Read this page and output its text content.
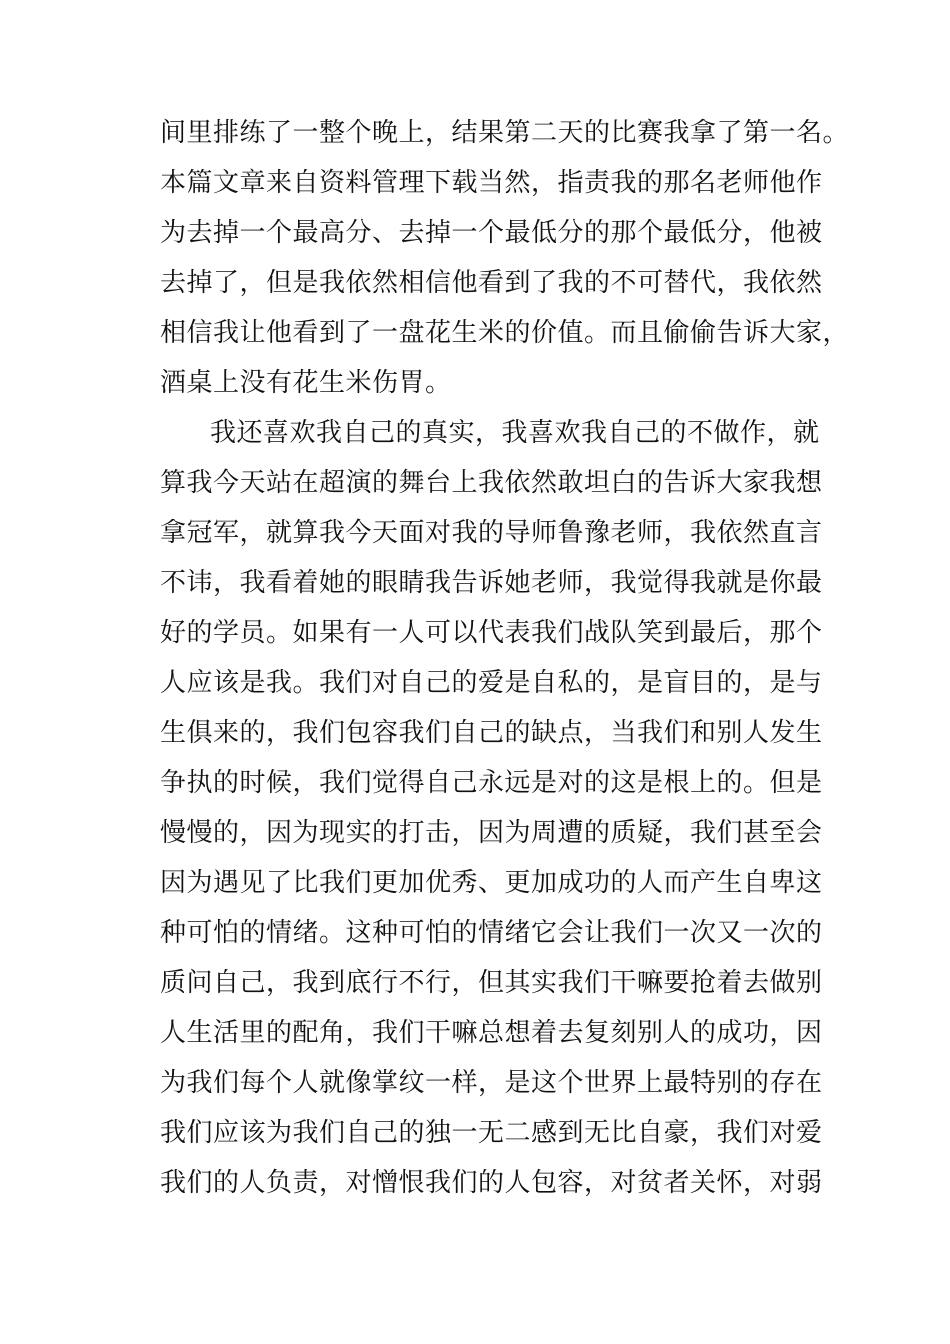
间里排练了一整个晚上，结果第二天的比赛我拿了第一名。
本篇文章来自资料管理下载当然，指责我的那名老师他作
为去掉一个最高分、去掉一个最低分的那个最低分，他被
去掉了，但是我依然相信他看到了我的不可替代，我依然
相信我让他看到了一盘花生米的价值。而且偷偷告诉大家，
酒桌上没有花生米伤胃。
我还喜欢我自己的真实，我喜欢我自己的不做作，就
算我今天站在超演的舞台上我依然敢坦白的告诉大家我想
拿冠军，就算我今天面对我的导师鲁豫老师，我依然直言
不讳，我看着她的眼睛我告诉她老师，我觉得我就是你最
好的学员。如果有一人可以代表我们战队笑到最后，那个
人应该是我。我们对自己的爱是自私的，是盲目的，是与
生俱来的，我们包容我们自己的缺点，当我们和别人发生
争执的时候，我们觉得自己永远是对的这是根上的。但是
慢慢的，因为现实的打击，因为周遭的质疑，我们甚至会
因为遇见了比我们更加优秀、更加成功的人而产生自卑这
种可怕的情绪。这种可怕的情绪它会让我们一次又一次的
质问自己，我到底行不行，但其实我们干嘛要抢着去做别
人生活里的配角，我们干嘛总想着去复刻别人的成功，因
为我们每个人就像掌纹一样，是这个世界上最特别的存在
我们应该为我们自己的独一无二感到无比自豪，我们对爱
我们的人负责，对憎恨我们的人包容，对贫者关怀，对弱
